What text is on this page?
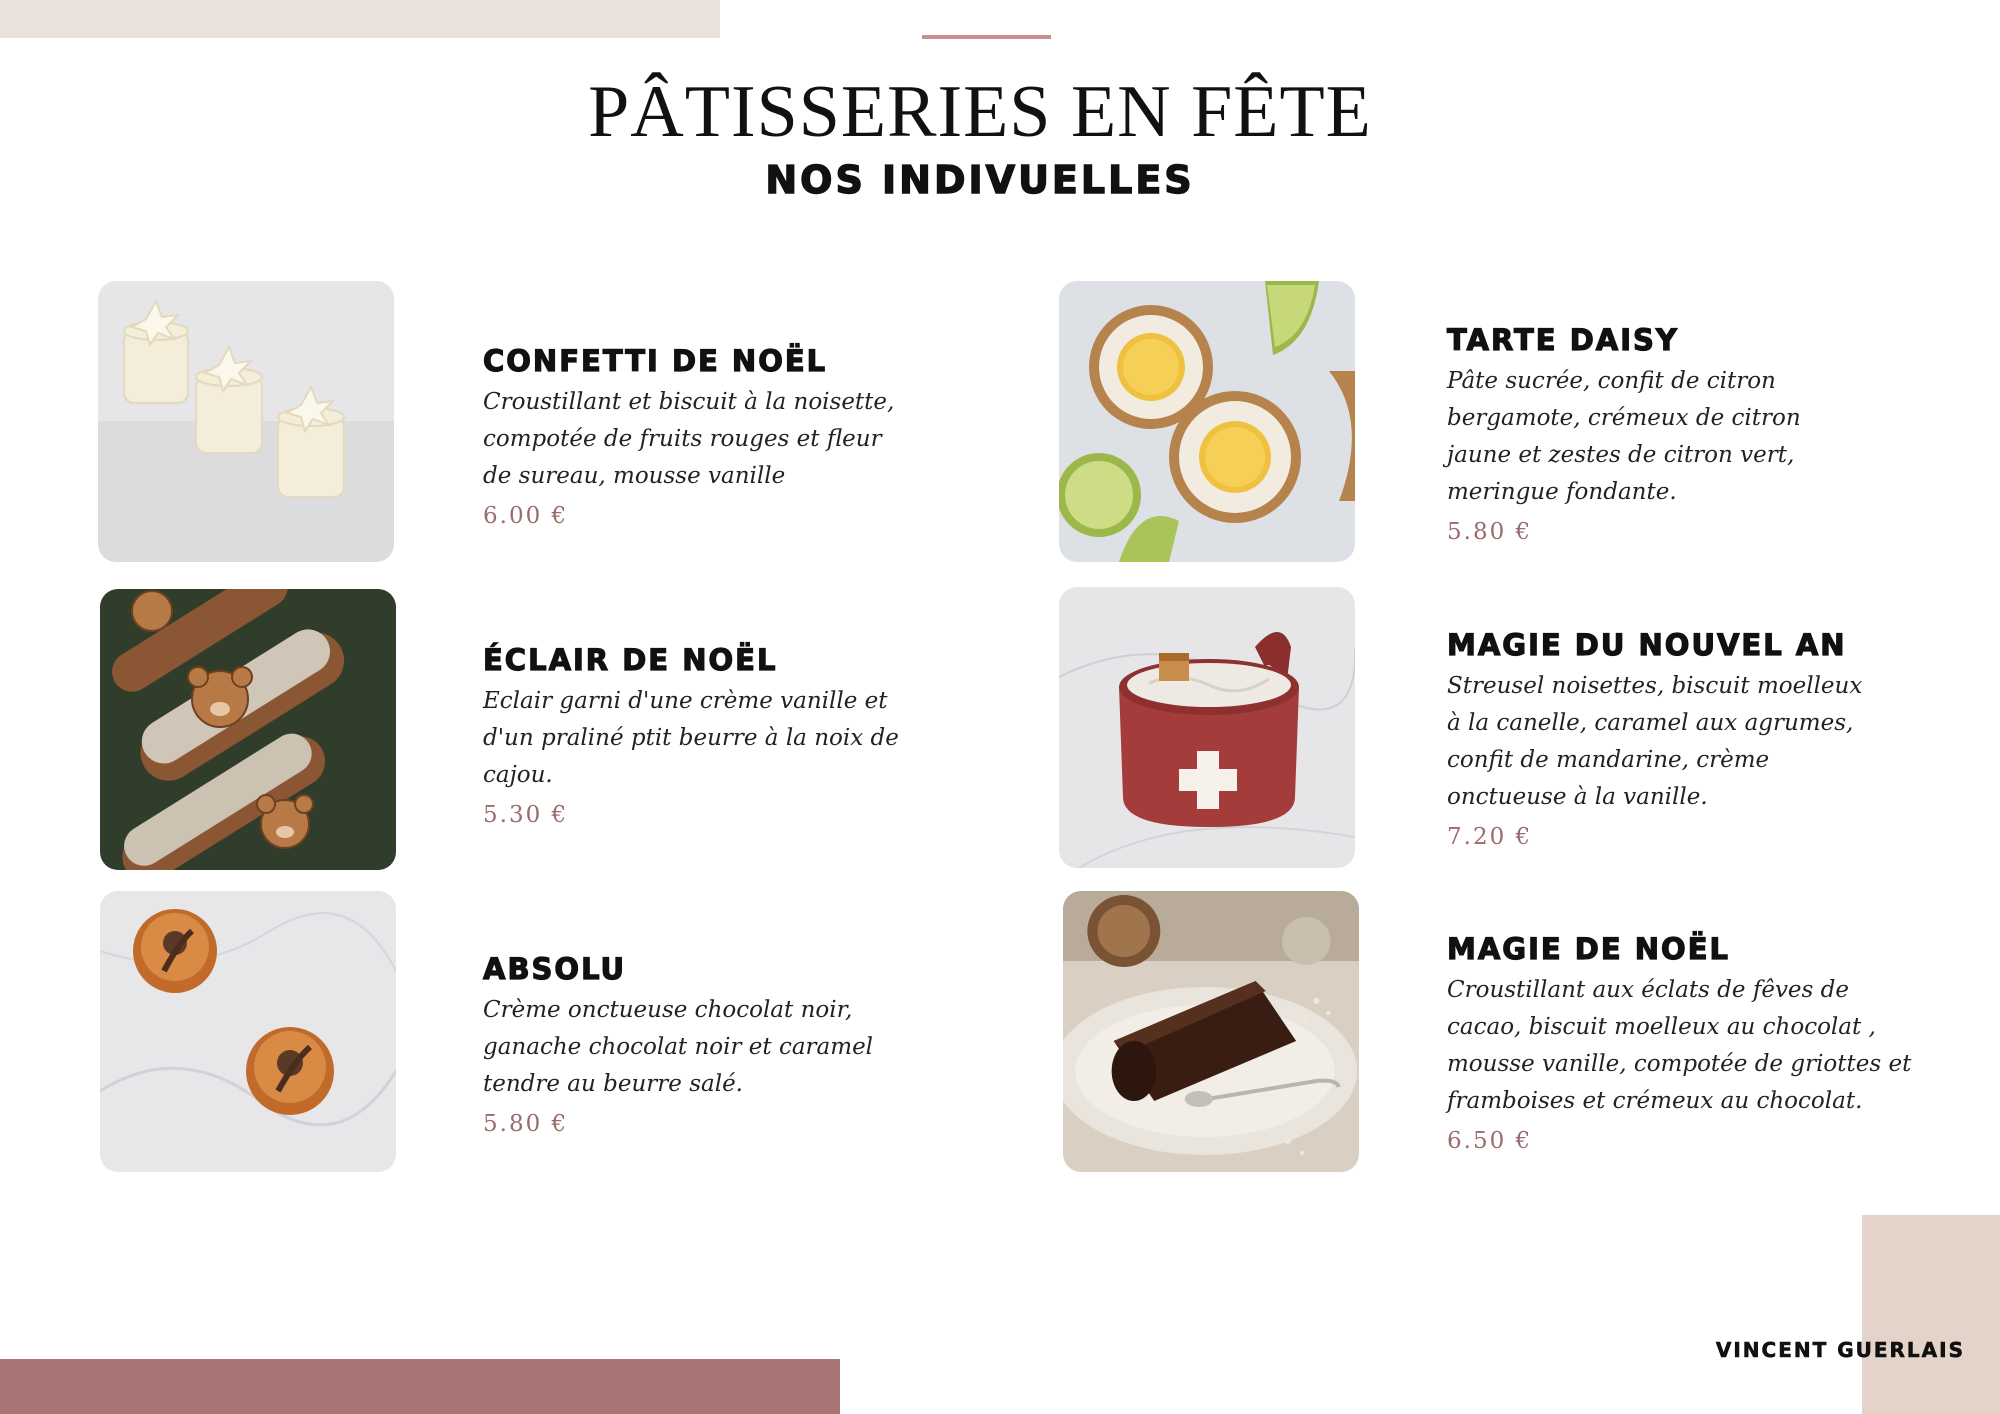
PÂTISSERIES EN FÊTE
NOS INDIVUELLES

CONFETTI DE NOËL

Croustillant et biscuit à la noisette, compotée de fruits rouges et fleur de sureau, mousse vanille

6.00 €

ÉCLAIR DE NOËL

Eclair garni d'une crème vanille et d'un praliné ptit beurre à la noix de cajou.

5.30 €

ABSOLU

Crème onctueuse chocolat noir, ganache chocolat noir et caramel tendre au beurre salé.

5.80 €

TARTE DAISY

Pâte sucrée, confit de citron bergamote, crémeux de citron jaune et zestes de citron vert, meringue fondante.

5.80 €

MAGIE DU NOUVEL AN

Streusel noisettes, biscuit moelleux à la canelle, caramel aux agrumes, confit de mandarine, crème onctueuse à la vanille.

7.20 €

MAGIE DE NOËL

Croustillant aux éclats de fêves de cacao, biscuit moelleux au chocolat , mousse vanille, compotée de griottes et framboises et crémeux au chocolat.

6.50 €

VINCENT GUERLAIS
